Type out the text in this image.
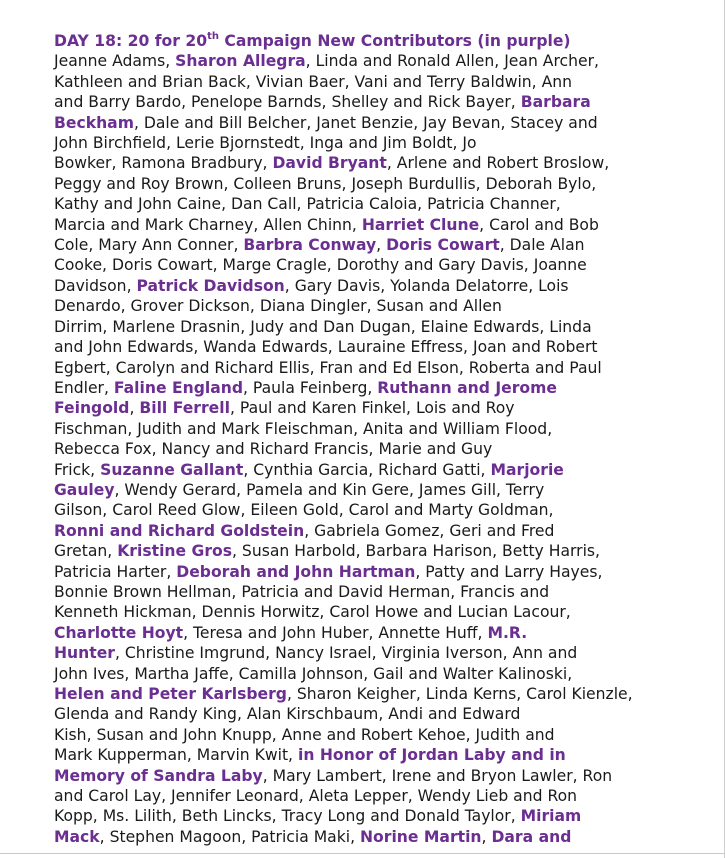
DAY 18: 20 for 20th Campaign New Contributors (in purple)
Jeanne Adams, Sharon Allegra, Linda and Ronald Allen, Jean Archer,
Kathleen and Brian Back, Vivian Baer, Vani and Terry Baldwin, Ann
and Barry Bardo, Penelope Barnds, Shelley and Rick Bayer, Barbara
Beckham, Dale and Bill Belcher, Janet Benzie, Jay Bevan, Stacey and
John Birchfield, Lerie Bjornstedt, Inga and Jim Boldt, Jo
Bowker, Ramona Bradbury, David Bryant, Arlene and Robert Broslow,
Peggy and Roy Brown, Colleen Bruns, Joseph Burdullis, Deborah Bylo,
Kathy and John Caine, Dan Call, Patricia Caloia, Patricia Channer,
Marcia and Mark Charney, Allen Chinn, Harriet Clune, Carol and Bob
Cole, Mary Ann Conner, Barbra Conway, Doris Cowart, Dale Alan
Cooke, Doris Cowart, Marge Cragle, Dorothy and Gary Davis, Joanne
Davidson, Patrick Davidson, Gary Davis, Yolanda Delatorre, Lois
Denardo, Grover Dickson, Diana Dingler, Susan and Allen
Dirrim, Marlene Drasnin, Judy and Dan Dugan, Elaine Edwards, Linda
and John Edwards, Wanda Edwards, Lauraine Effress, Joan and Robert
Egbert, Carolyn and Richard Ellis, Fran and Ed Elson, Roberta and Paul
Endler, Faline England, Paula Feinberg, Ruthann and Jerome
Feingold, Bill Ferrell, Paul and Karen Finkel, Lois and Roy
Fischman, Judith and Mark Fleischman, Anita and William Flood,
Rebecca Fox, Nancy and Richard Francis, Marie and Guy
Frick, Suzanne Gallant, Cynthia Garcia, Richard Gatti, Marjorie
Gauley, Wendy Gerard, Pamela and Kin Gere, James Gill, Terry
Gilson, Carol Reed Glow, Eileen Gold, Carol and Marty Goldman,
Ronni and Richard Goldstein, Gabriela Gomez, Geri and Fred
Gretan, Kristine Gros, Susan Harbold, Barbara Harison, Betty Harris,
Patricia Harter, Deborah and John Hartman, Patty and Larry Hayes,
Bonnie Brown Hellman, Patricia and David Herman, Francis and
Kenneth Hickman, Dennis Horwitz, Carol Howe and Lucian Lacour,
Charlotte Hoyt, Teresa and John Huber, Annette Huff, M.R.
Hunter, Christine Imgrund, Nancy Israel, Virginia Iverson, Ann and
John Ives, Martha Jaffe, Camilla Johnson, Gail and Walter Kalinoski,
Helen and Peter Karlsberg, Sharon Keigher, Linda Kerns, Carol Kienzle,
Glenda and Randy King, Alan Kirschbaum, Andi and Edward
Kish, Susan and John Knupp, Anne and Robert Kehoe, Judith and
Mark Kupperman, Marvin Kwit, in Honor of Jordan Laby and in
Memory of Sandra Laby, Mary Lambert, Irene and Bryon Lawler, Ron
and Carol Lay, Jennifer Leonard, Aleta Lepper, Wendy Lieb and Ron
Kopp, Ms. Lilith, Beth Lincks, Tracy Long and Donald Taylor, Miriam
Mack, Stephen Magoon, Patricia Maki, Norine Martin, Dara and
